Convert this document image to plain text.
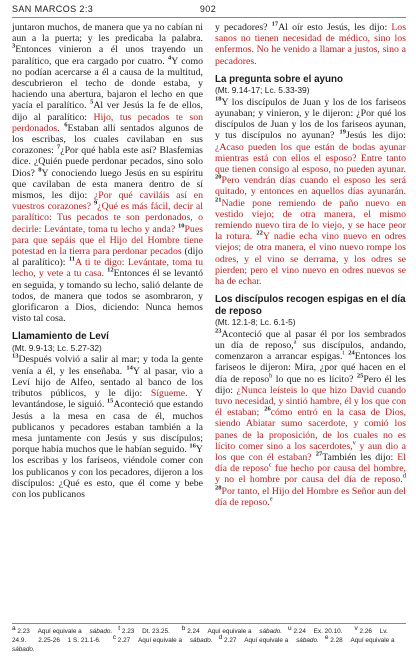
SAN MARCOS 2:3	902

juntaron muchos, de manera que ya no cabían ni aun a la puerta; y les predicaba la palabra. $^3$Entonces vinieron a él unos trayendo un paralítico, que era cargado por cuatro. $^4$Y como no podían acercarse a él a causa de la multitud, descubrieron el techo de donde estaba, y haciendo una abertura, bajaron el lecho en que yacía el paralítico. $^5$Al ver Jesús la fe de ellos, dijo al paralítico: Hijo, tus pecados te son perdonados. $^6$Estaban allí sentados algunos de los escribas, los cuales cavilaban en sus corazones: $^7$¿Por qué habla este así? Blasfemias dice. ¿Quién puede perdonar pecados, sino solo Dios? $^8$Y conociendo luego Jesús en su espíritu que cavilaban de esta manera dentro de sí mismos, les dijo: ¿Por qué caviláis así en vuestros corazones? $^9$¿Qué es más fácil, decir al paralítico: Tus pecados te son perdonados, o decirle: Levántate, toma tu lecho y anda? $^{10}$Pues para que sepáis que el Hijo del Hombre tiene potestad en la tierra para perdonar pecados (dijo al paralítico): $^{11}$A ti te digo: Levántate, toma tu lecho, y vete a tu casa. $^{12}$Entonces él se levantó en seguida, y tomando su lecho, salió delante de todos, de manera que todos se asombraron, y glorificaron a Dios, diciendo: Nunca hemos visto tal cosa.

Llamamiento de Leví
(Mt. 9.9-13; Lc. 5.27-32)

$^{13}$Después volvió a salir al mar; y toda la gente venía a él, y les enseñaba. $^{14}$Y al pasar, vio a Leví hijo de Alfeo, sentado al banco de los tributos públicos, y le dijo: Sígueme. Y levantándose, le siguió. $^{15}$Aconteció que estando Jesús a la mesa en casa de él, muchos publicanos y pecadores estaban también a la mesa juntamente con Jesús y sus discípulos; porque había muchos que le habían seguido. $^{16}$Y los escribas y los fariseos, viéndole comer con los publicanos y con los pecadores, dijeron a los discípulos: ¿Qué es esto, que él come y bebe con los publicanos

y pecadores? $^{17}$Al oír esto Jesús, les dijo: Los sanos no tienen necesidad de médico, sino los enfermos. No he venido a llamar a justos, sino a pecadores.

La pregunta sobre el ayuno
(Mt. 9.14-17; Lc. 5.33-39)

$^{18}$Y los discípulos de Juan y los de los fariseos ayunaban; y vinieron, y le dijeron: ¿Por qué los discípulos de Juan y los de los fariseos ayunan, y tus discípulos no ayunan? $^{19}$Jesús les dijo: ¿Acaso pueden los que están de bodas ayunar mientras está con ellos el esposo? Entre tanto que tienen consigo al esposo, no pueden ayunar. $^{20}$Pero vendrán días cuando el esposo les será quitado, y entonces en aquellos días ayunarán. $^{21}$Nadie pone remiendo de paño nuevo en vestido viejo; de otra manera, el mismo remiendo nuevo tira de lo viejo, y se hace peor la rotura. $^{22}$Y nadie echa vino nuevo en odres viejos; de otra manera, el vino nuevo rompe los odres, y el vino se derrama, y los odres se pierden; pero el vino nuevo en odres nuevos se ha de echar.

Los discípulos recogen espigas en el día de reposo
(Mt. 12.1-8; Lc. 6.1-5)

$^{23}$Aconteció que al pasar él por los sembrados un día de reposo,$^a$ sus discípulos, andando, comenzaron a arrancar espigas.$^t$ $^{24}$Entonces los fariseos le dijeron: Mira, ¿por qué hacen en el día de reposo$^b$ lo que no es lícito? $^{25}$Pero él les dijo: ¿Nunca leísteis lo que hizo David cuando tuvo necesidad, y sintió hambre, él y los que con él estaban; $^{26}$cómo entró en la casa de Dios, siendo Abiatar sumo sacerdote, y comió los panes de la proposición, de los cuales no es lícito comer sino a los sacerdotes,$^v$ y aun dio a los que con él estaban? $^{27}$También les dijo: El día de reposo$^c$ fue hecho por causa del hombre, y no el hombre por causa del día de reposo.$^d$ $^{28}$Por tanto, el Hijo del Hombre es Señor aun del día de reposo.$^e$

$^a$ 2.23 Aquí equivale a sábado. $^t$ 2.23 Dt. 23.25. $^b$ 2.24 Aquí equivale a sábado. $^u$ 2.24 Ex. 20.10. $^v$ 2.26 Lv. 24.9. 2.25-26 1 S. 21.1-6. $^c$ 2.27 Aquí equivale a sábado. $^d$ 2.27 Aquí equivale a sábado. $^e$ 2.28 Aquí equivale a sábado.
